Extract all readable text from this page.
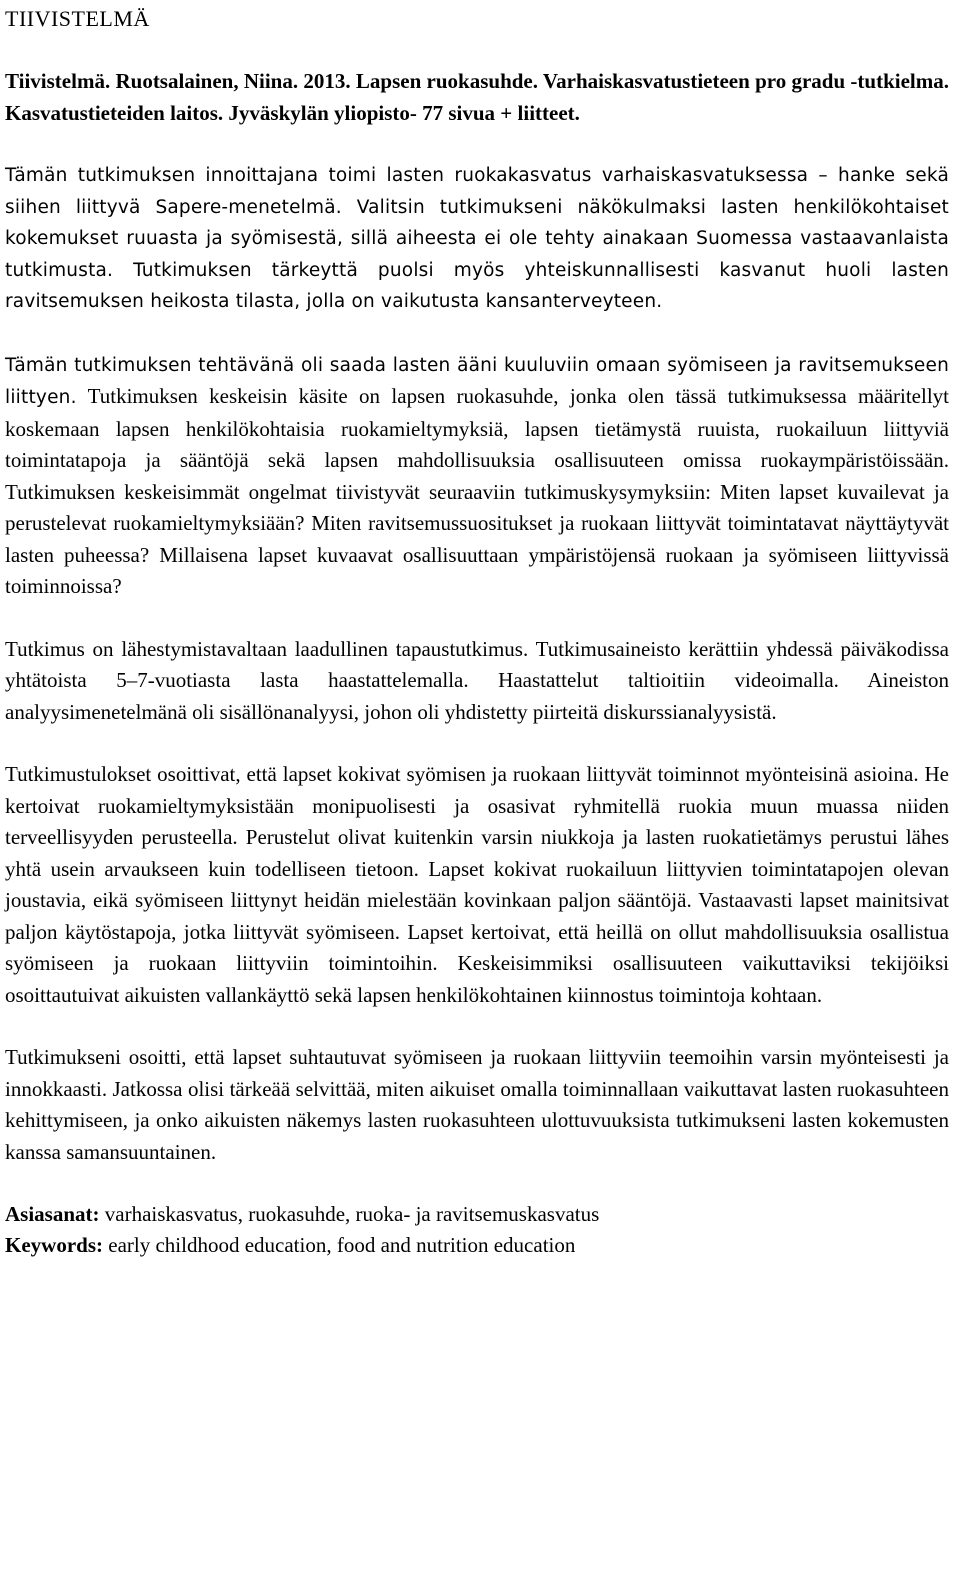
TIIVISTELMÄ

Tiivistelmä. Ruotsalainen, Niina. 2013. Lapsen ruokasuhde. Varhaiskasvatustieteen pro gradu -tutkielma. Kasvatustieteiden laitos. Jyväskylän yliopisto- 77 sivua + liitteet.

Tämän tutkimuksen innoittajana toimi lasten ruokakasvatus varhaiskasvatuksessa – hanke sekä siihen liittyvä Sapere-menetelmä. Valitsin tutkimukseni näkökulmaksi lasten henkilökohtaiset kokemukset ruuasta ja syömisestä, sillä aiheesta ei ole tehty ainakaan Suomessa vastaavanlaista tutkimusta. Tutkimuksen tärkeyttä puolsi myös yhteiskunnallisesti kasvanut huoli lasten ravitsemuksen heikosta tilasta, jolla on vaikutusta kansanterveyteen.

Tämän tutkimuksen tehtävänä oli saada lasten ääni kuuluviin omaan syömiseen ja ravitsemukseen liittyen. Tutkimuksen keskeisin käsite on lapsen ruokasuhde, jonka olen tässä tutkimuksessa määritellyt koskemaan lapsen henkilökohtaisia ruokamieltymyksiä, lapsen tietämystä ruuista, ruokailuun liittyviä toimintatapoja ja sääntöjä sekä lapsen mahdollisuuksia osallisuuteen omissa ruokaympäristöissään. Tutkimuksen keskeisimmät ongelmat tiivistyvät seuraaviin tutkimuskysymyksiin: Miten lapset kuvailevat ja perustelevat ruokamieltymyksiään? Miten ravitsemussuositukset ja ruokaan liittyvät toimintatavat näyttäytyvät lasten puheessa? Millaisena lapset kuvaavat osallisuuttaan ympäristöjensä ruokaan ja syömiseen liittyvissä toiminnoissa?

Tutkimus on lähestymistavaltaan laadullinen tapaustutkimus. Tutkimusaineisto kerättiin yhdessä päiväkodissa yhtätoista 5–7-vuotiasta lasta haastattelemalla. Haastattelut taltioitiin videoimalla. Aineiston analyysimenetelmänä oli sisällönanalyysi, johon oli yhdistetty piirteitä diskurssianalyysistä.

Tutkimustulokset osoittivat, että lapset kokivat syömisen ja ruokaan liittyvät toiminnot myönteisinä asioina. He kertoivat ruokamieltymyksistään monipuolisesti ja osasivat ryhmitellä ruokia muun muassa niiden terveellisyyden perusteella. Perustelut olivat kuitenkin varsin niukkoja ja lasten ruokatietämys perustui lähes yhtä usein arvaukseen kuin todelliseen tietoon. Lapset kokivat ruokailuun liittyvien toimintatapojen olevan joustavia, eikä syömiseen liittynyt heidän mielestään kovinkaan paljon sääntöjä. Vastaavasti lapset mainitsivat paljon käytöstapoja, jotka liittyvät syömiseen. Lapset kertoivat, että heillä on ollut mahdollisuuksia osallistua syömiseen ja ruokaan liittyviin toimintoihin. Keskeisimmiksi osallisuuteen vaikuttaviksi tekijöiksi osoittautuivat aikuisten vallankäyttö sekä lapsen henkilökohtainen kiinnostus toimintoja kohtaan.

Tutkimukseni osoitti, että lapset suhtautuvat syömiseen ja ruokaan liittyviin teemoihin varsin myönteisesti ja innokkaasti. Jatkossa olisi tärkeää selvittää, miten aikuiset omalla toiminnallaan vaikuttavat lasten ruokasuhteen kehittymiseen, ja onko aikuisten näkemys lasten ruokasuhteen ulottuvuuksista tutkimukseni lasten kokemusten kanssa samansuuntainen.

Asiasanat: varhaiskasvatus, ruokasuhde, ruoka- ja ravitsemuskasvatus

Keywords: early childhood education, food and nutrition education
